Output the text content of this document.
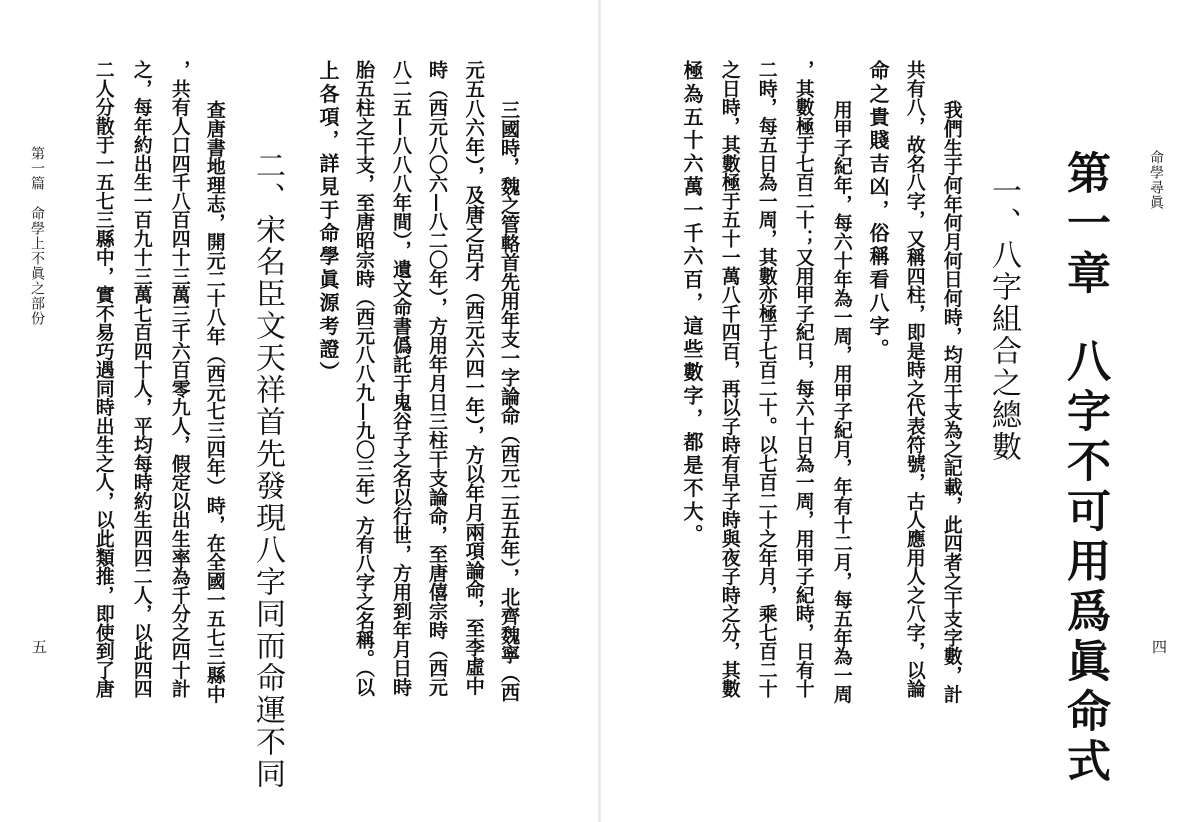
第一篇　命學上不眞之部份
五 二人分散于一五七三縣中，實不易巧遇同時出生之人，以此類推，即使到了唐 之，每年約出生一百九十三萬七百四十人，平均每時約生四四二人，以此四四 ，共有人口四千八百四十三萬三千六百零九人，假定以出生率為千分之四十計 查唐書地理志，開元二十八年（西元七三四年）時，在全國一五七三縣中 二、宋名臣文天祥首先發現八字同而命運不同 上各項，詳見于命學眞源考證） 胎五柱之干支，至唐昭宗時（西元八八九—九〇三年）方有八字之名稱。（以 八二五—八八八年間），遺文命書僞託于鬼谷子之名以行世，方用到年月日時 時（西元八〇六—八二〇年），方用年月日三柱干支論命，至唐僖宗時（西元 元五八六年），及唐之呂才（西元六四一年），方以年月兩項論命，至李虛中 三國時，魏之管輅首先用年支一字論命（西元二五五年），北齊魏寧（西	極為五十六萬一千六百，這些數字，都是不大。 之日時，其數極于五十一萬八千四百，再以子時有早子時與夜子時之分，其數 二時，每五日為一周，其數亦極于七百二十。以七百二十之年月，乘七百二十 ，其數極于七百二十；又用甲子紀日，每六十日為一周，用甲子紀時，日有十 用甲子紀年，每六十年為一周，用甲子紀月，年有十二月，每五年為一周 命之貴賤吉凶，俗稱看八字。 共有八，故名八字，又稱四柱，即是時之代表符號，古人應用人之八字，以論 我們生于何年何月何日何時，均用干支為之記載，此四者之干支字數，計 一、八字組合之總數 第一章八字不可用爲眞命式
命學尋眞
四
